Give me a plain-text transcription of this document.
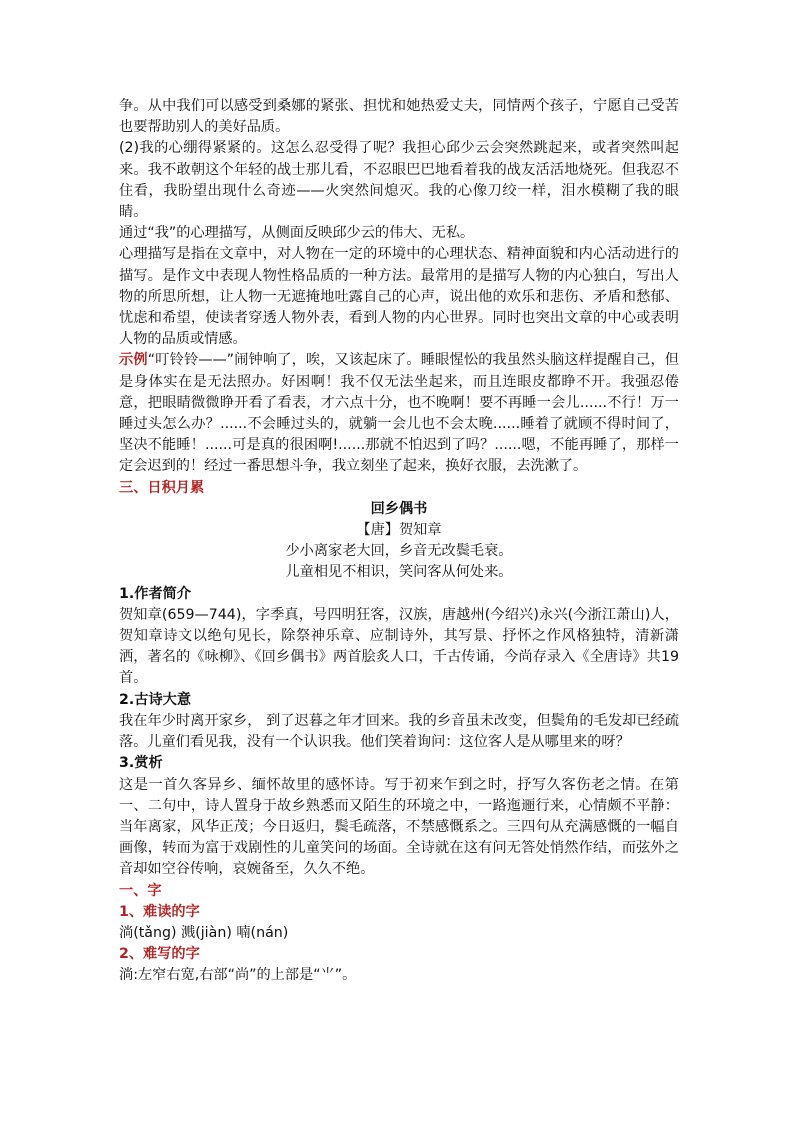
争。从中我们可以感受到桑娜的紧张、担忧和她热爱丈夫，同情两个孩子，宁愿自己受苦也要帮助别人的美好品质。

(2)我的心绷得紧紧的。这怎么忍受得了呢？我担心邱少云会突然跳起来，或者突然叫起来。我不敢朝这个年轻的战士那儿看，不忍眼巴巴地看着我的战友活活地烧死。但我忍不住看，我盼望出现什么奇迹——火突然间熄灭。我的心像刀绞一样，泪水模糊了我的眼睛。

通过“我”的心理描写，从侧面反映邱少云的伟大、无私。

心理描写是指在文章中，对人物在一定的环境中的心理状态、精神面貌和内心活动进行的描写。是作文中表现人物性格品质的一种方法。最常用的是描写人物的内心独白，写出人物的所思所想，让人物一无遮掩地吐露自己的心声，说出他的欢乐和悲伤、矛盾和愁郁、忧虑和希望，使读者穿透人物外表，看到人物的内心世界。同时也突出文章的中心或表明人物的品质或情感。

示例“叮铃铃——”闹钟响了，唉，又该起床了。睡眼惺忪的我虽然头脑这样提醒自己，但是身体实在是无法照办。好困啊！我不仅无法坐起来，而且连眼皮都睁不开。我强忍倦意，把眼睛微微睁开看了看表，才六点十分，也不晚啊！要不再睡一会儿......不行！万一睡过头怎么办？......不会睡过头的，就躺一会儿也不会太晚......睡着了就顾不得时间了，坚决不能睡！......可是真的很困啊!......那就不怕迟到了吗？......嗯，不能再睡了，那样一定会迟到的！经过一番思想斗争，我立刻坐了起来，换好衣服，去洗漱了。

三、日积月累

回乡偶书

【唐】贺知章

少小离家老大回，乡音无改鬓毛衰。

儿童相见不相识，笑问客从何处来。

1.作者简介

贺知章(659—744)，字季真，号四明狂客，汉族，唐越州(今绍兴)永兴(今浙江萧山)人，贺知章诗文以绝句见长，除祭神乐章、应制诗外，其写景、抒怀之作风格独特，清新潇洒，著名的《咏柳》、《回乡偶书》两首脍炙人口，千古传诵，今尚存录入《全唐诗》共19首。

2.古诗大意

我在年少时离开家乡， 到了迟暮之年才回来。我的乡音虽未改变，但鬓角的毛发却已经疏落。儿童们看见我，没有一个认识我。他们笑着询问：这位客人是从哪里来的呀？

3.赏析

这是一首久客异乡、缅怀故里的感怀诗。写于初来乍到之时，抒写久客伤老之情。在第一、二句中，诗人置身于故乡熟悉而又陌生的环境之中，一路迤逦行来，心情颇不平静：当年离家，风华正茂；今日返归，鬓毛疏落，不禁感慨系之。三四句从充满感慨的一幅自画像，转而为富于戏剧性的儿童笑问的场面。全诗就在这有问无答处悄然作结，而弦外之音却如空谷传响，哀婉备至，久久不绝。

一、字

1、难读的字

淌(tǎng) 溅(jiàn) 喃(nán)

2、难写的字

淌:左窄右宽,右部“尚”的上部是“⺌”。
